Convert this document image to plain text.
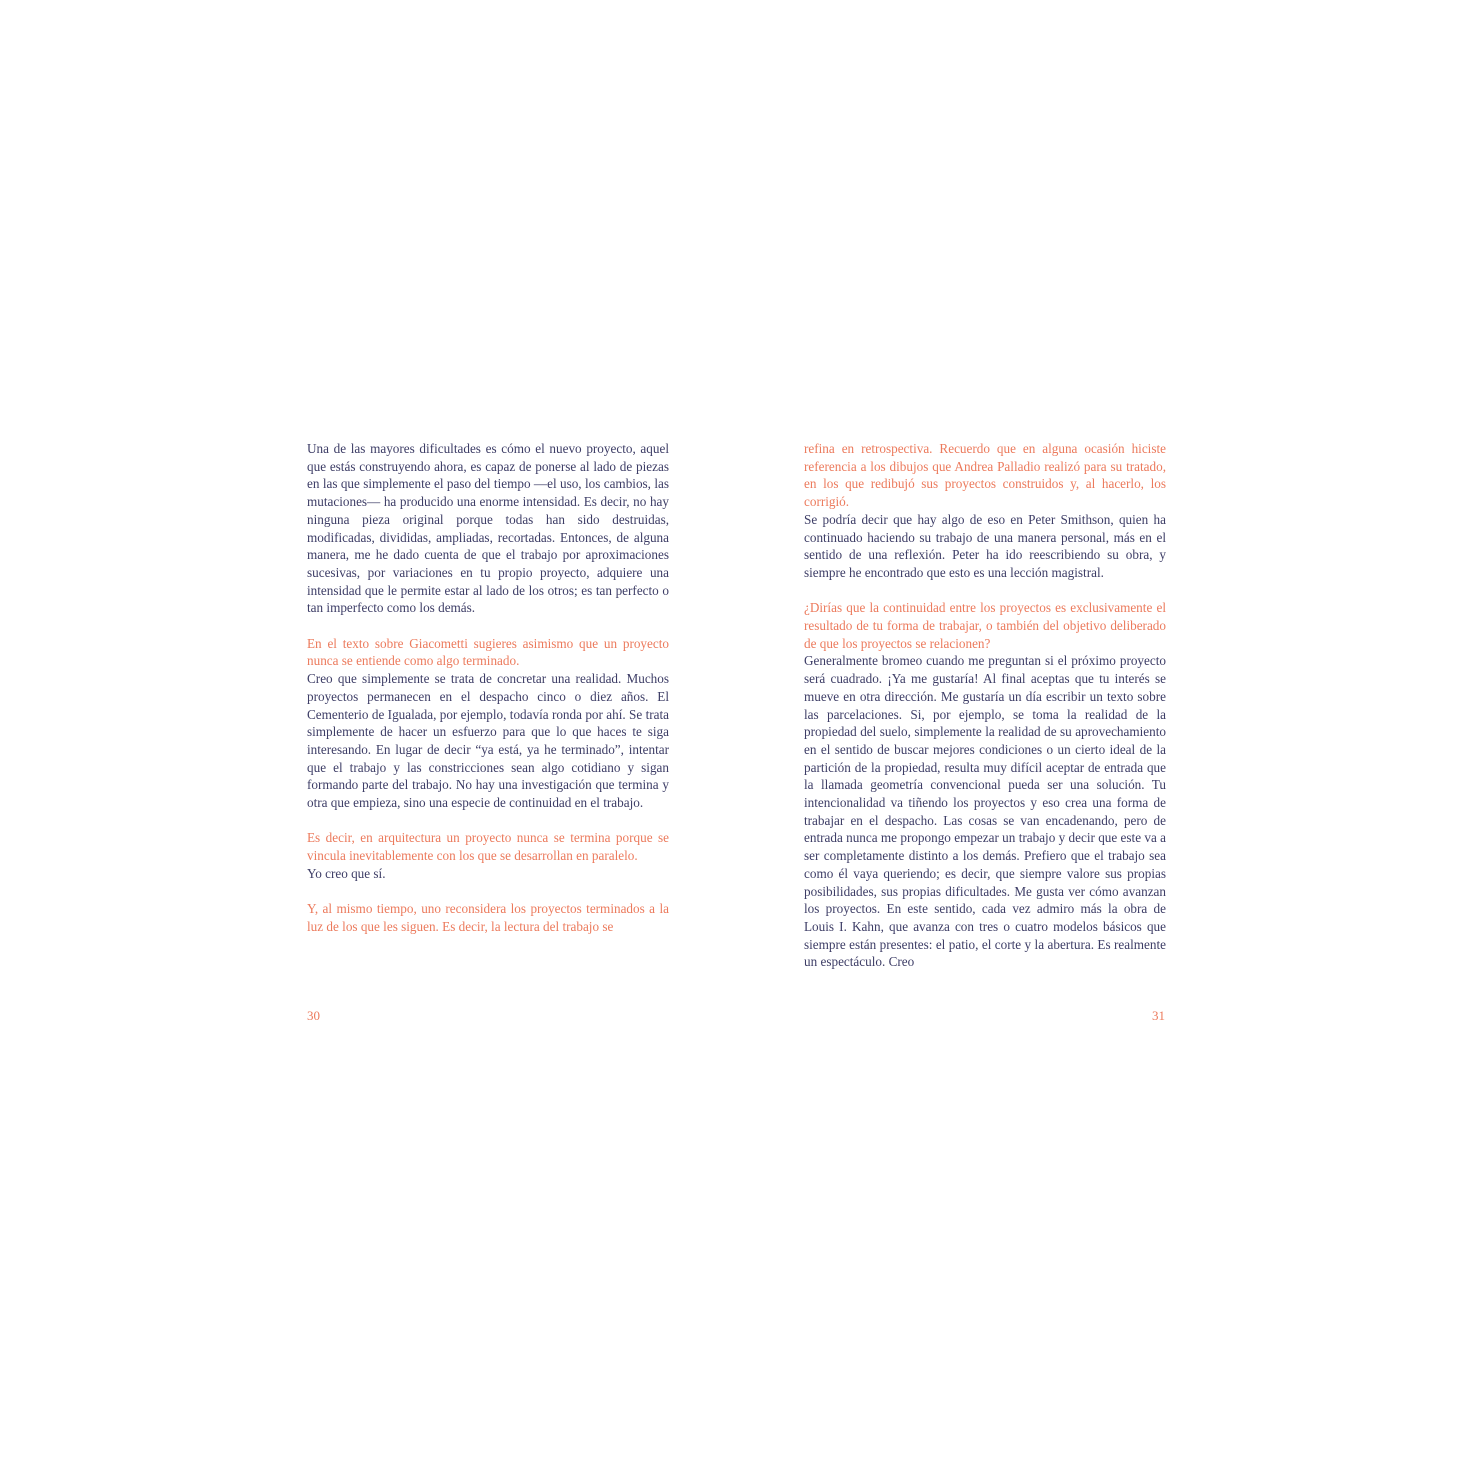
Una de las mayores dificultades es cómo el nuevo proyecto, aquel que estás construyendo ahora, es capaz de ponerse al lado de piezas en las que simplemente el paso del tiempo —el uso, los cambios, las mutaciones— ha producido una enorme intensidad. Es decir, no hay ninguna pieza original porque todas han sido destruidas, modificadas, divididas, ampliadas, recortadas. Entonces, de alguna manera, me he dado cuenta de que el trabajo por aproximaciones sucesivas, por variaciones en tu propio proyecto, adquiere una intensidad que le permite estar al lado de los otros; es tan perfecto o tan imperfecto como los demás.

En el texto sobre Giacometti sugieres asimismo que un proyecto nunca se entiende como algo terminado.

Creo que simplemente se trata de concretar una realidad. Muchos proyectos permanecen en el despacho cinco o diez años. El Cementerio de Igualada, por ejemplo, todavía ronda por ahí. Se trata simplemente de hacer un esfuerzo para que lo que haces te siga interesando. En lugar de decir “ya está, ya he terminado”, intentar que el trabajo y las constricciones sean algo cotidiano y sigan formando parte del trabajo. No hay una investigación que termina y otra que empieza, sino una especie de continuidad en el trabajo.

Es decir, en arquitectura un proyecto nunca se termina porque se vincula inevitablemente con los que se desarrollan en paralelo.

Yo creo que sí.

Y, al mismo tiempo, uno reconsidera los proyectos terminados a la luz de los que les siguen. Es decir, la lectura del trabajo se

refina en retrospectiva. Recuerdo que en alguna ocasión hiciste referencia a los dibujos que Andrea Palladio realizó para su tratado, en los que redibujó sus proyectos construidos y, al hacerlo, los corrigió.

Se podría decir que hay algo de eso en Peter Smithson, quien ha continuado haciendo su trabajo de una manera personal, más en el sentido de una reflexión. Peter ha ido reescribiendo su obra, y siempre he encontrado que esto es una lección magistral.

¿Dirías que la continuidad entre los proyectos es exclusivamente el resultado de tu forma de trabajar, o también del objetivo deliberado de que los proyectos se relacionen?

Generalmente bromeo cuando me preguntan si el próximo proyecto será cuadrado. ¡Ya me gustaría! Al final aceptas que tu interés se mueve en otra dirección. Me gustaría un día escribir un texto sobre las parcelaciones. Si, por ejemplo, se toma la realidad de la propiedad del suelo, simplemente la realidad de su aprovechamiento en el sentido de buscar mejores condiciones o un cierto ideal de la partición de la propiedad, resulta muy difícil aceptar de entrada que la llamada geometría convencional pueda ser una solución. Tu intencionalidad va tiñendo los proyectos y eso crea una forma de trabajar en el despacho. Las cosas se van encadenando, pero de entrada nunca me propongo empezar un trabajo y decir que este va a ser completamente distinto a los demás. Prefiero que el trabajo sea como él vaya queriendo; es decir, que siempre valore sus propias posibilidades, sus propias dificultades. Me gusta ver cómo avanzan los proyectos. En este sentido, cada vez admiro más la obra de Louis I. Kahn, que avanza con tres o cuatro modelos básicos que siempre están presentes: el patio, el corte y la abertura. Es realmente un espectáculo. Creo

30	31
